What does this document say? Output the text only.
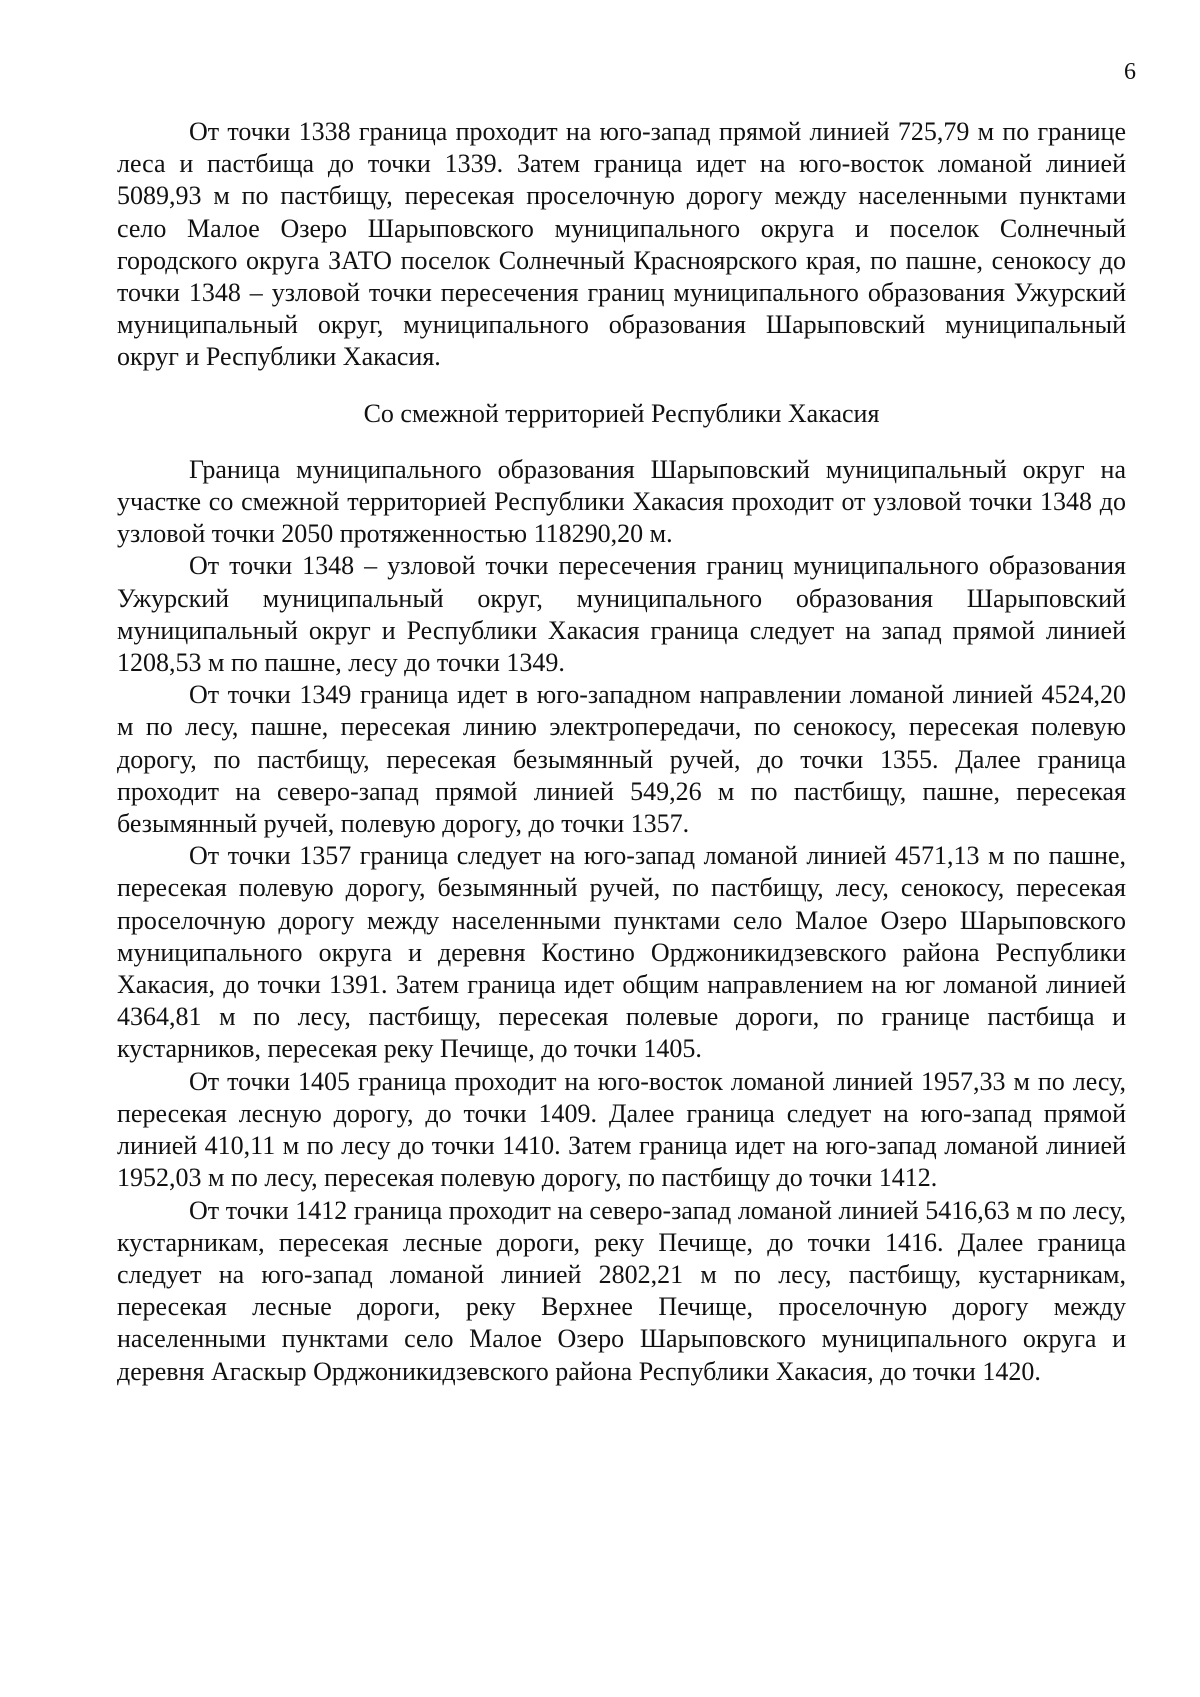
6

От точки 1338 граница проходит на юго-запад прямой линией 725,79 м по границе леса и пастбища до точки 1339. Затем граница идет на юго-восток ломаной линией 5089,93 м по пастбищу, пересекая проселочную дорогу между населенными пунктами село Малое Озеро Шарыповского муниципального округа и поселок Солнечный городского округа ЗАТО поселок Солнечный Красноярского края, по пашне, сенокосу до точки 1348 – узловой точки пересечения границ муниципального образования Ужурский муниципальный округ, муниципального образования Шарыповский муниципальный округ и Республики Хакасия.

Со смежной территорией Республики Хакасия

Граница муниципального образования Шарыповский муниципальный округ на участке со смежной территорией Республики Хакасия проходит от узловой точки 1348 до узловой точки 2050 протяженностью 118290,20 м.

От точки 1348 – узловой точки пересечения границ муниципального образования Ужурский муниципальный округ, муниципального образования Шарыповский муниципальный округ и Республики Хакасия граница следует на запад прямой линией 1208,53 м по пашне, лесу до точки 1349.

От точки 1349 граница идет в юго-западном направлении ломаной линией 4524,20 м по лесу, пашне, пересекая линию электропередачи, по сенокосу, пересекая полевую дорогу, по пастбищу, пересекая безымянный ручей, до точки 1355. Далее граница проходит на северо-запад прямой линией 549,26 м по пастбищу, пашне, пересекая безымянный ручей, полевую дорогу, до точки 1357.

От точки 1357 граница следует на юго-запад ломаной линией 4571,13 м по пашне, пересекая полевую дорогу, безымянный ручей, по пастбищу, лесу, сенокосу, пересекая проселочную дорогу между населенными пунктами село Малое Озеро Шарыповского муниципального округа и деревня Костино Орджоникидзевского района Республики Хакасия, до точки 1391. Затем граница идет общим направлением на юг ломаной линией 4364,81 м по лесу, пастбищу, пересекая полевые дороги, по границе пастбища и кустарников, пересекая реку Печище, до точки 1405.

От точки 1405 граница проходит на юго-восток ломаной линией 1957,33 м по лесу, пересекая лесную дорогу, до точки 1409. Далее граница следует на юго-запад прямой линией 410,11 м по лесу до точки 1410. Затем граница идет на юго-запад ломаной линией 1952,03 м по лесу, пересекая полевую дорогу, по пастбищу до точки 1412.

От точки 1412 граница проходит на северо-запад ломаной линией 5416,63 м по лесу, кустарникам, пересекая лесные дороги, реку Печище, до точки 1416. Далее граница следует на юго-запад ломаной линией 2802,21 м по лесу, пастбищу, кустарникам, пересекая лесные дороги, реку Верхнее Печище, проселочную дорогу между населенными пунктами село Малое Озеро Шарыповского муниципального округа и деревня Агаскыр Орджоникидзевского района Республики Хакасия, до точки 1420.
